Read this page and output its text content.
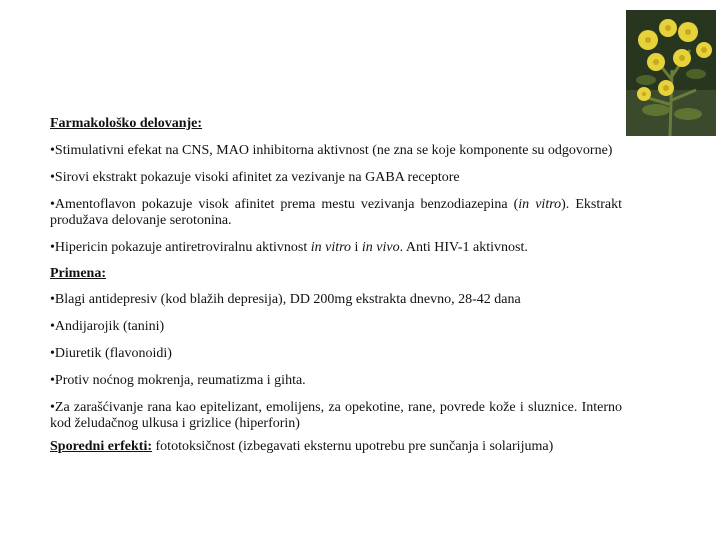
Farmakološko delovanje:

•Stimulativni efekat na CNS, MAO inhibitorna aktivnost (ne zna se koje komponente su odgovorne)

•Sirovi ekstrakt pokazuje visoki afinitet za vezivanje na GABA receptore

•Amentoflavon pokazuje visok afinitet prema mestu vezivanja benzodiazepina (in vitro). Ekstrakt produžava delovanje serotonina.

•Hipericin pokazuje antiretroviralnu aktivnost in vitro i in vivo. Anti HIV-1 aktivnost.

Primena:

•Blagi antidepresiv (kod blažih depresija), DD 200mg ekstrakta dnevno, 28-42 dana

•Andijarojik (tanini)

•Diuretik (flavonoidi)

•Protiv noćnog mokrenja, reumatizma i gihta.

•Za zarašćivanje rana kao epitelizant, emolijens, za opekotine, rane, povrede kože i sluznice. Interno kod želudačnog ulkusa i grizlice (hiperforin)

Sporedni erfekti: fototoksičnost (izbegavati eksternu upotrebu pre sunčanja i solarijuma)
